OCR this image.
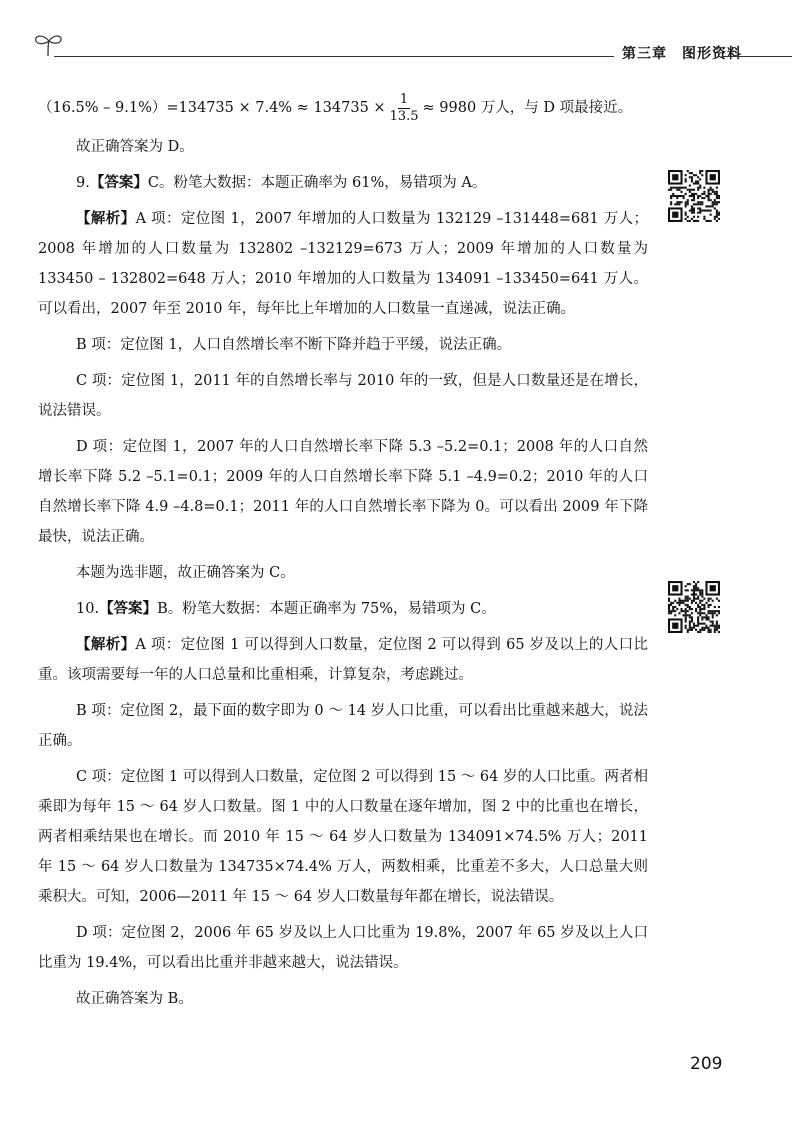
第三章　图形资料
$(16.5\% - 9.1\%)=134735 \times 7.4\% \approx 134735 \times \frac{1}{13.5} \approx 9980$ 万人，与 D 项最接近。

故正确答案为 D。

9.【答案】C。粉笔大数据：本题正确率为 61%，易错项为 A。

【解析】A 项：定位图 1，2007 年增加的人口数量为 132129 –131448=681 万人；2008 年增加的人口数量为 132802 –132129=673 万人；2009 年增加的人口数量为 133450 – 132802=648 万人；2010 年增加的人口数量为 134091 –133450=641 万人。可以看出，2007 年至 2010 年，每年比上年增加的人口数量一直递减，说法正确。

B 项：定位图 1，人口自然增长率不断下降并趋于平缓，说法正确。

C 项：定位图 1，2011 年的自然增长率与 2010 年的一致，但是人口数量还是在增长，说法错误。

D 项：定位图 1，2007 年的人口自然增长率下降 5.3 –5.2=0.1；2008 年的人口自然增长率下降 5.2 –5.1=0.1；2009 年的人口自然增长率下降 5.1 –4.9=0.2；2010 年的人口自然增长率下降 4.9 –4.8=0.1；2011 年的人口自然增长率下降为 0。可以看出 2009 年下降最快，说法正确。

本题为选非题，故正确答案为 C。

10.【答案】B。粉笔大数据：本题正确率为 75%，易错项为 C。

【解析】A 项：定位图 1 可以得到人口数量，定位图 2 可以得到 65 岁及以上的人口比重。该项需要每一年的人口总量和比重相乘，计算复杂，考虑跳过。

B 项：定位图 2，最下面的数字即为 0 ～ 14 岁人口比重，可以看出比重越来越大，说法正确。

C 项：定位图 1 可以得到人口数量，定位图 2 可以得到 15 ～ 64 岁的人口比重。两者相乘即为每年 15 ～ 64 岁人口数量。图 1 中的人口数量在逐年增加，图 2 中的比重也在增长，两者相乘结果也在增长。而 2010 年 15 ～ 64 岁人口数量为 134091×74.5% 万人；2011 年 15 ～ 64 岁人口数量为 134735×74.4% 万人，两数相乘，比重差不多大，人口总量大则乘积大。可知，2006—2011 年 15 ～ 64 岁人口数量每年都在增长，说法错误。

D 项：定位图 2，2006 年 65 岁及以上人口比重为 19.8%，2007 年 65 岁及以上人口比重为 19.4%，可以看出比重并非越来越大，说法错误。

故正确答案为 B。

209
